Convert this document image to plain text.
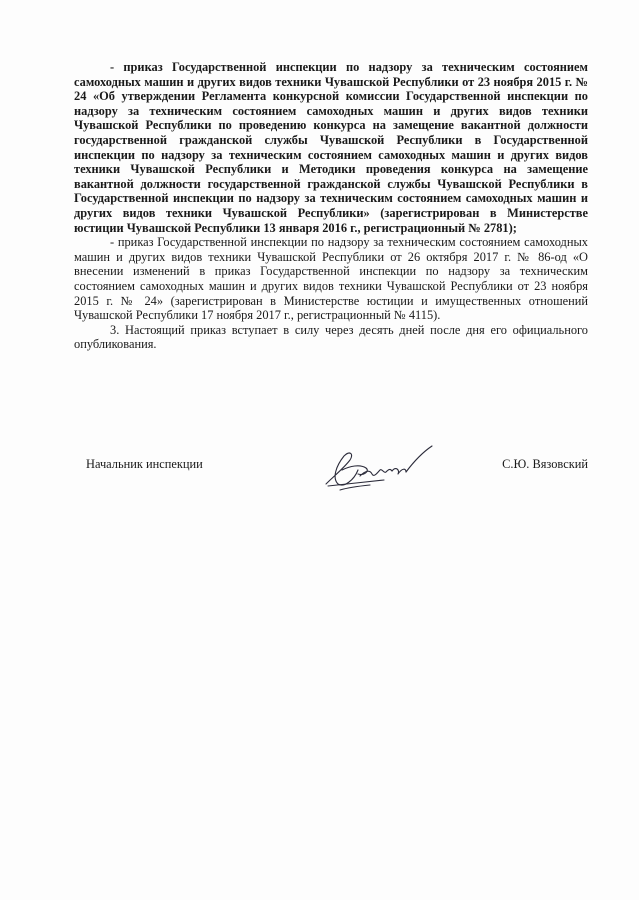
- приказ Государственной инспекции по надзору за техническим состоянием самоходных машин и других видов техники Чувашской Республики от 23 ноября 2015 г. № 24 «Об утверждении Регламента конкурсной комиссии Государственной инспекции по надзору за техническим состоянием самоходных машин и других видов техники Чувашской Республики по проведению конкурса на замещение вакантной должности государственной гражданской службы Чувашской Республики в Государственной инспекции по надзору за техническим состоянием самоходных машин и других видов техники Чувашской Республики и Методики проведения конкурса на замещение вакантной должности государственной гражданской службы Чувашской Республики в Государственной инспекции по надзору за техническим состоянием самоходных машин и других видов техники Чувашской Республики» (зарегистрирован в Министерстве юстиции Чувашской Республики 13 января 2016 г., регистрационный № 2781);

- приказ Государственной инспекции по надзору за техническим состоянием самоходных машин и других видов техники Чувашской Республики от 26 октября 2017 г. № 86-од «О внесении изменений в приказ Государственной инспекции по надзору за техническим состоянием самоходных машин и других видов техники Чувашской Республики от 23 ноября 2015 г. № 24» (зарегистрирован в Министерстве юстиции и имущественных отношений Чувашской Республики 17 ноября 2017 г., регистрационный № 4115).

3. Настоящий приказ вступает в силу через десять дней после дня его официального опубликования.

Начальник инспекции	С.Ю. Вязовский
